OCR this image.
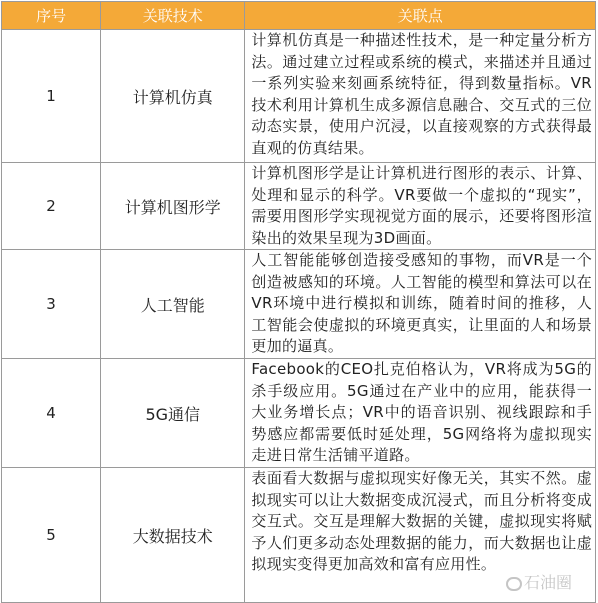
序号	关联技术	关联点
1	计算机仿真	计算机仿真是一种描述性技术，是一种定量分析方法。通过建立过程或系统的模式，来描述并且通过一系列实验来刻画系统特征，得到数量指标。VR技术利用计算机生成多源信息融合、交互式的三位动态实景，使用户沉浸，以直接观察的方式获得最直观的仿真结果。
2	计算机图形学	计算机图形学是让计算机进行图形的表示、计算、处理和显示的科学。VR要做一个虚拟的“现实”，需要用图形学实现视觉方面的展示，还要将图形渲染出的效果呈现为3D画面。
3	人工智能	人工智能能够创造接受感知的事物，而VR是一个创造被感知的环境。人工智能的模型和算法可以在VR环境中进行模拟和训练，随着时间的推移，人工智能会使虚拟的环境更真实，让里面的人和场景更加的逼真。
4	5G通信	Facebook的CEO扎克伯格认为，VR将成为5G的杀手级应用。5G通过在产业中的应用，能获得一大业务增长点；VR中的语音识别、视线跟踪和手势感应都需要低时延处理，5G网络将为虚拟现实走进日常生活铺平道路。
5	大数据技术	表面看大数据与虚拟现实好像无关，其实不然。虚拟现实可以让大数据变成沉浸式，而且分析将变成交互式。交互是理解大数据的关键，虚拟现实将赋予人们更多动态处理数据的能力，而大数据也让虚拟现实变得更加高效和富有应用性。
石油圈
